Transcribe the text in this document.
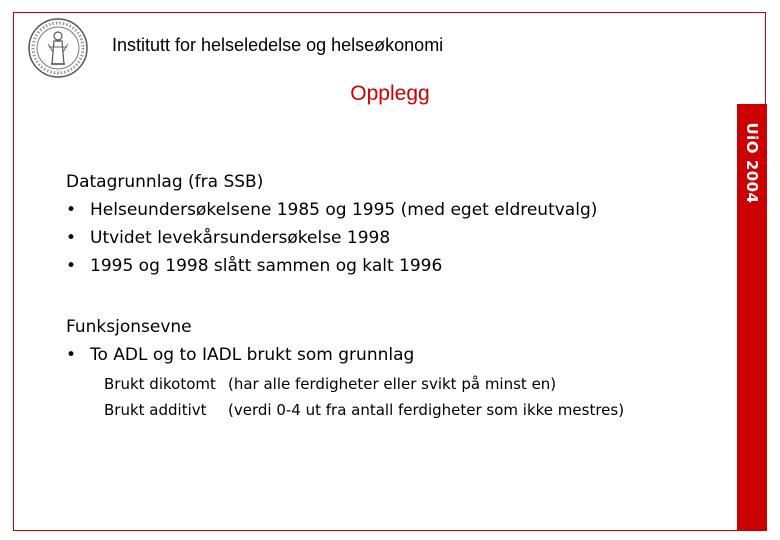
Institutt for helseledelse og helseøkonomi
Opplegg
UiO 2004
Datagrunnlag (fra SSB)
• Helseundersøkelsene 1985 og 1995 (med eget eldreutvalg)
• Utvidet levekårsundersøkelse 1998
• 1995 og 1998 slått sammen og kalt 1996
Funksjonsevne
• To ADL og to IADL brukt som grunnlag
Brukt dikotomt (har alle ferdigheter eller svikt på minst en)
Brukt additivt (verdi 0-4 ut fra antall ferdigheter som ikke mestres)
